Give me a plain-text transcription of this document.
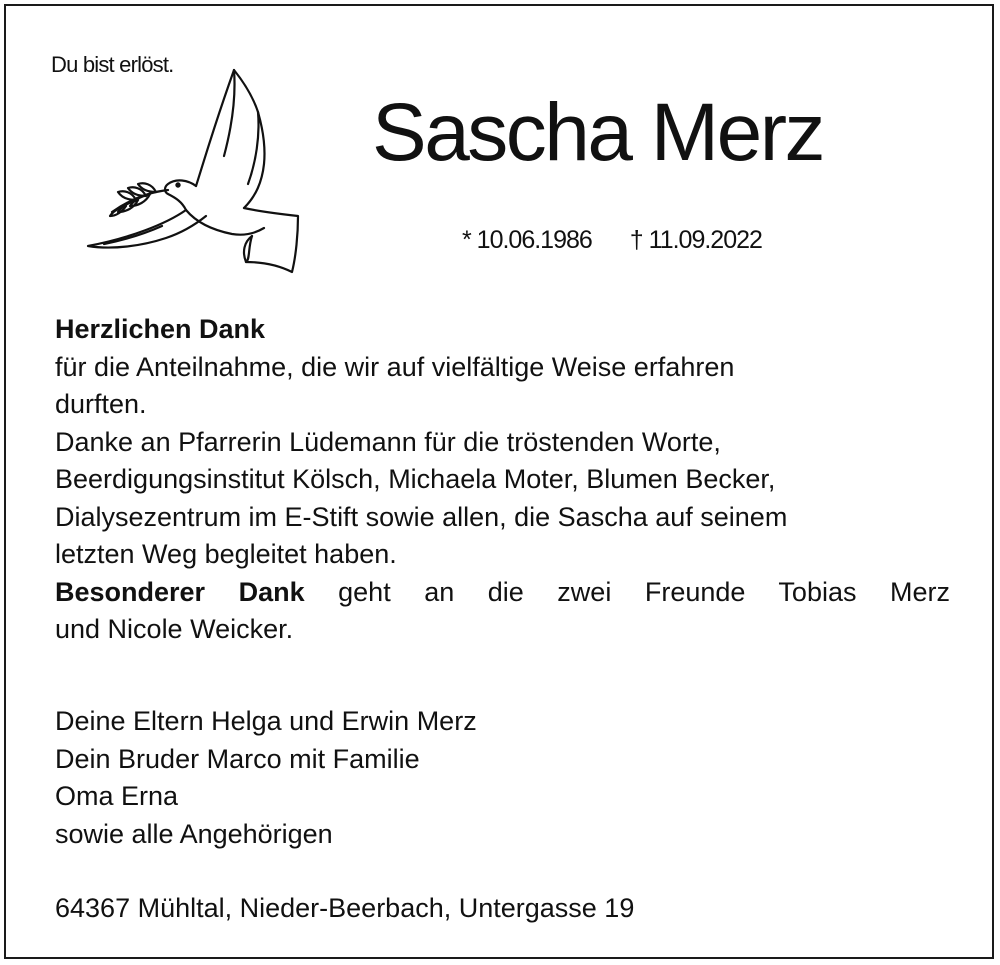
Du bist erlöst.
Sascha Merz
* 10.06.1986 † 11.09.2022

Herzlichen Dank

für die Anteilnahme, die wir auf vielfältige Weise erfahren

durften.

Danke an Pfarrerin Lüdemann für die tröstenden Worte,

Beerdigungsinstitut Kölsch, Michaela Moter, Blumen Becker,

Dialysezentrum im E-Stift sowie allen, die Sascha auf seinem

letzten Weg begleitet haben.

Besonderer Dank geht an die zwei Freunde Tobias Merz

und Nicole Weicker.

Deine Eltern Helga und Erwin Merz
Dein Bruder Marco mit Familie
Oma Erna
sowie alle Angehörigen
64367 Mühltal, Nieder-Beerbach, Untergasse 19
